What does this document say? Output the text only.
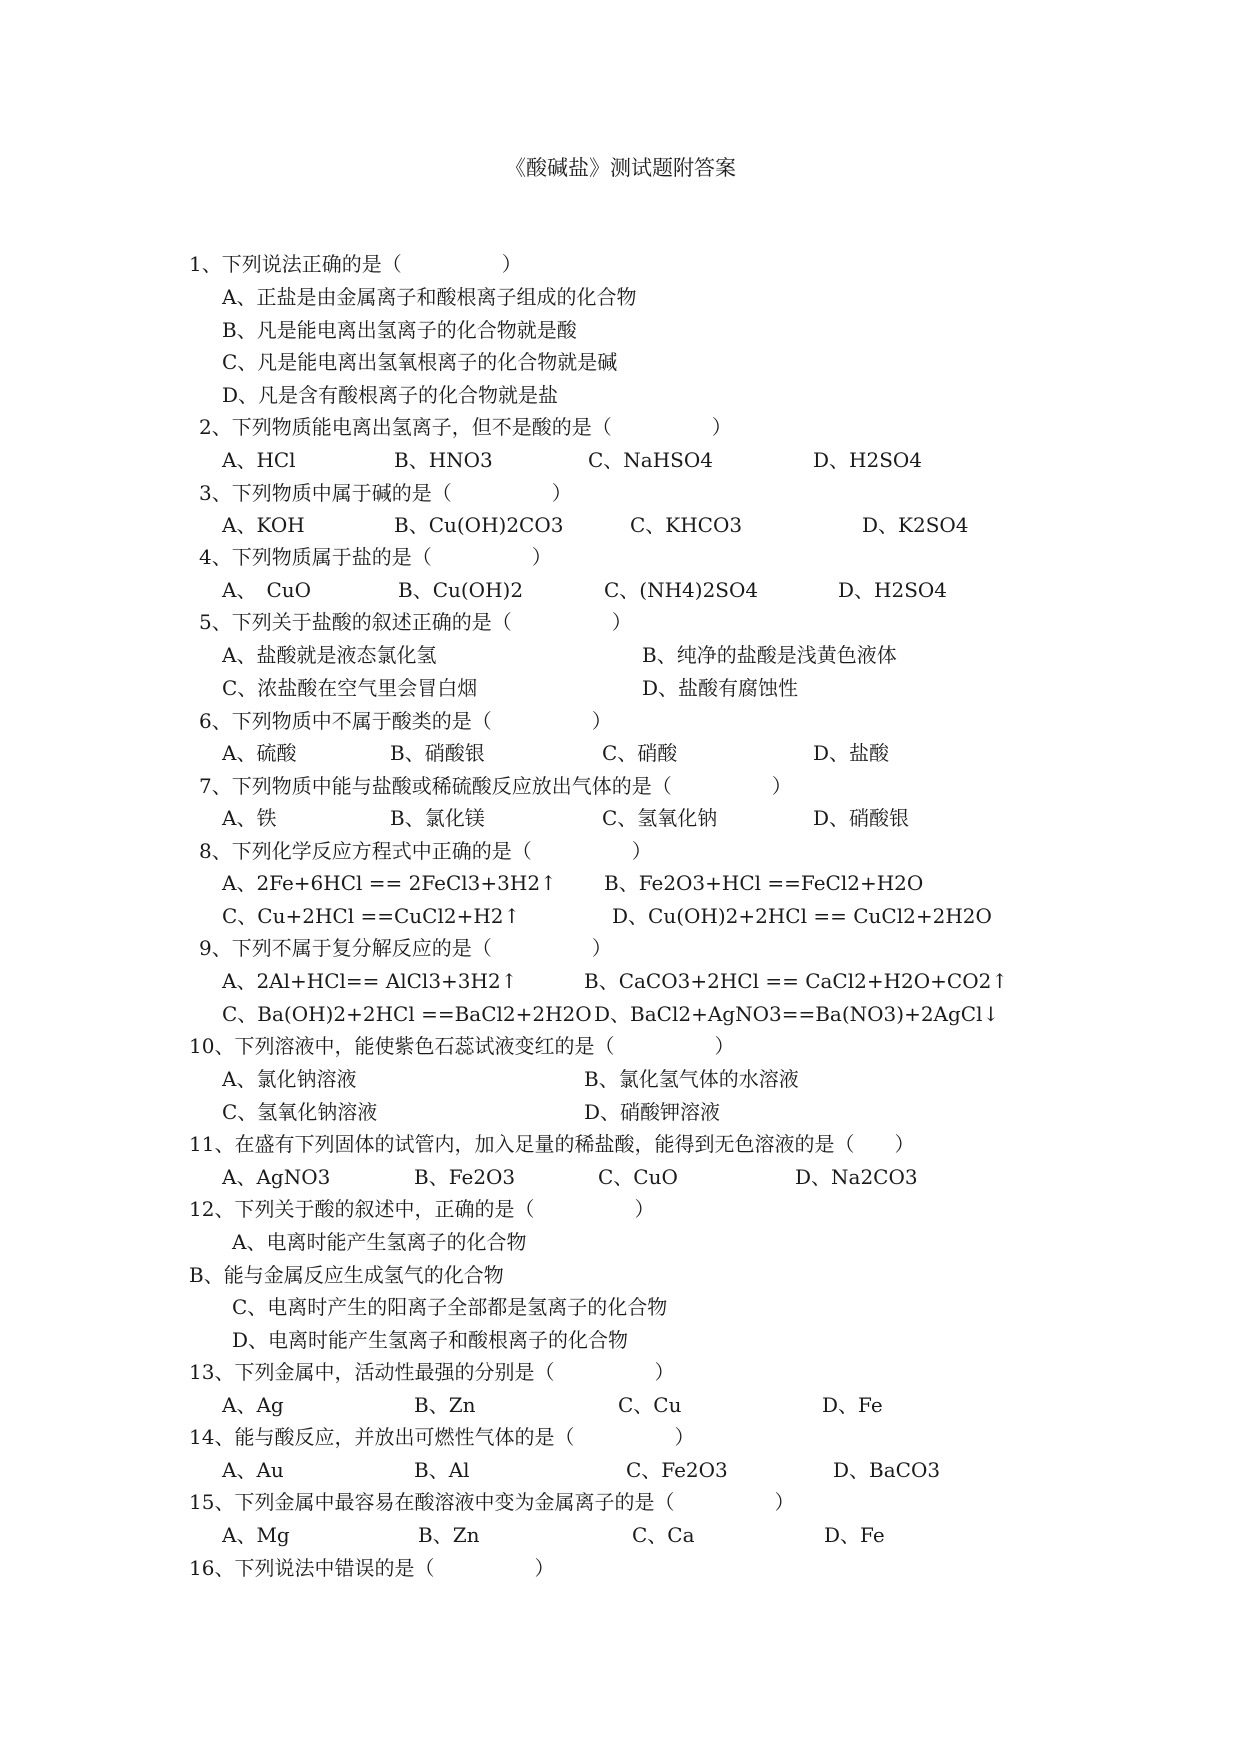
《酸碱盐》测试题附答案
1、下列说法正确的是（　　　　　）
A、正盐是由金属离子和酸根离子组成的化合物
B、凡是能电离出氢离子的化合物就是酸
C、凡是能电离出氢氧根离子的化合物就是碱
D、凡是含有酸根离子的化合物就是盐
2、下列物质能电离出氢离子，但不是酸的是（　　　　　）
A、HCl	B、HNO3	C、NaHSO4	D、H2SO4
3、下列物质中属于碱的是（　　　　　）
A、KOH	B、Cu(OH)2CO3	C、KHCO3	D、K2SO4
4、下列物质属于盐的是（　　　　　）
A、　CuO	B、Cu(OH)2	C、(NH4)2SO4	D、H2SO4
5、下列关于盐酸的叙述正确的是（　　　　　）
A、盐酸就是液态氯化氢	B、纯净的盐酸是浅黄色液体
C、浓盐酸在空气里会冒白烟	D、盐酸有腐蚀性
6、下列物质中不属于酸类的是（　　　　　）
A、硫酸	B、硝酸银	C、硝酸	D、盐酸
7、下列物质中能与盐酸或稀硫酸反应放出气体的是（　　　　　）
A、铁	B、氯化镁	C、氢氧化钠	D、硝酸银
8、下列化学反应方程式中正确的是（　　　　　）
A、2Fe+6HCl == 2FeCl3+3H2↑ B、Fe2O3+HCl ==FeCl2+H2O
C、Cu+2HCl ==CuCl2+H2↑	D、Cu(OH)2+2HCl == CuCl2+2H2O
9、下列不属于复分解反应的是（　　　　　）
A、2Al+HCl== AlCl3+3H2↑	B、CaCO3+2HCl == CaCl2+H2O+CO2↑
C、Ba(OH)2+2HCl ==BaCl2+2H2O D、BaCl2+AgNO3==Ba(NO3)+2AgCl↓
10、下列溶液中，能使紫色石蕊试液变红的是（　　　　　）
A、氯化钠溶液	B、氯化氢气体的水溶液
C、氢氧化钠溶液	D、硝酸钾溶液
11、在盛有下列固体的试管内，加入足量的稀盐酸，能得到无色溶液的是（　　）
A、AgNO3	B、Fe2O3	C、CuO	D、Na2CO3
12、下列关于酸的叙述中，正确的是（　　　　　）
A、电离时能产生氢离子的化合物
B、能与金属反应生成氢气的化合物
C、电离时产生的阳离子全部都是氢离子的化合物
D、电离时能产生氢离子和酸根离子的化合物
13、下列金属中，活动性最强的分别是（　　　　　）
A、Ag	B、Zn	C、Cu	D、Fe
14、能与酸反应，并放出可燃性气体的是（　　　　　）
A、Au	B、Al	C、Fe2O3	D、BaCO3
15、下列金属中最容易在酸溶液中变为金属离子的是（　　　　　）
A、Mg	B、Zn	C、Ca	D、Fe
16、下列说法中错误的是（　　　　　）
